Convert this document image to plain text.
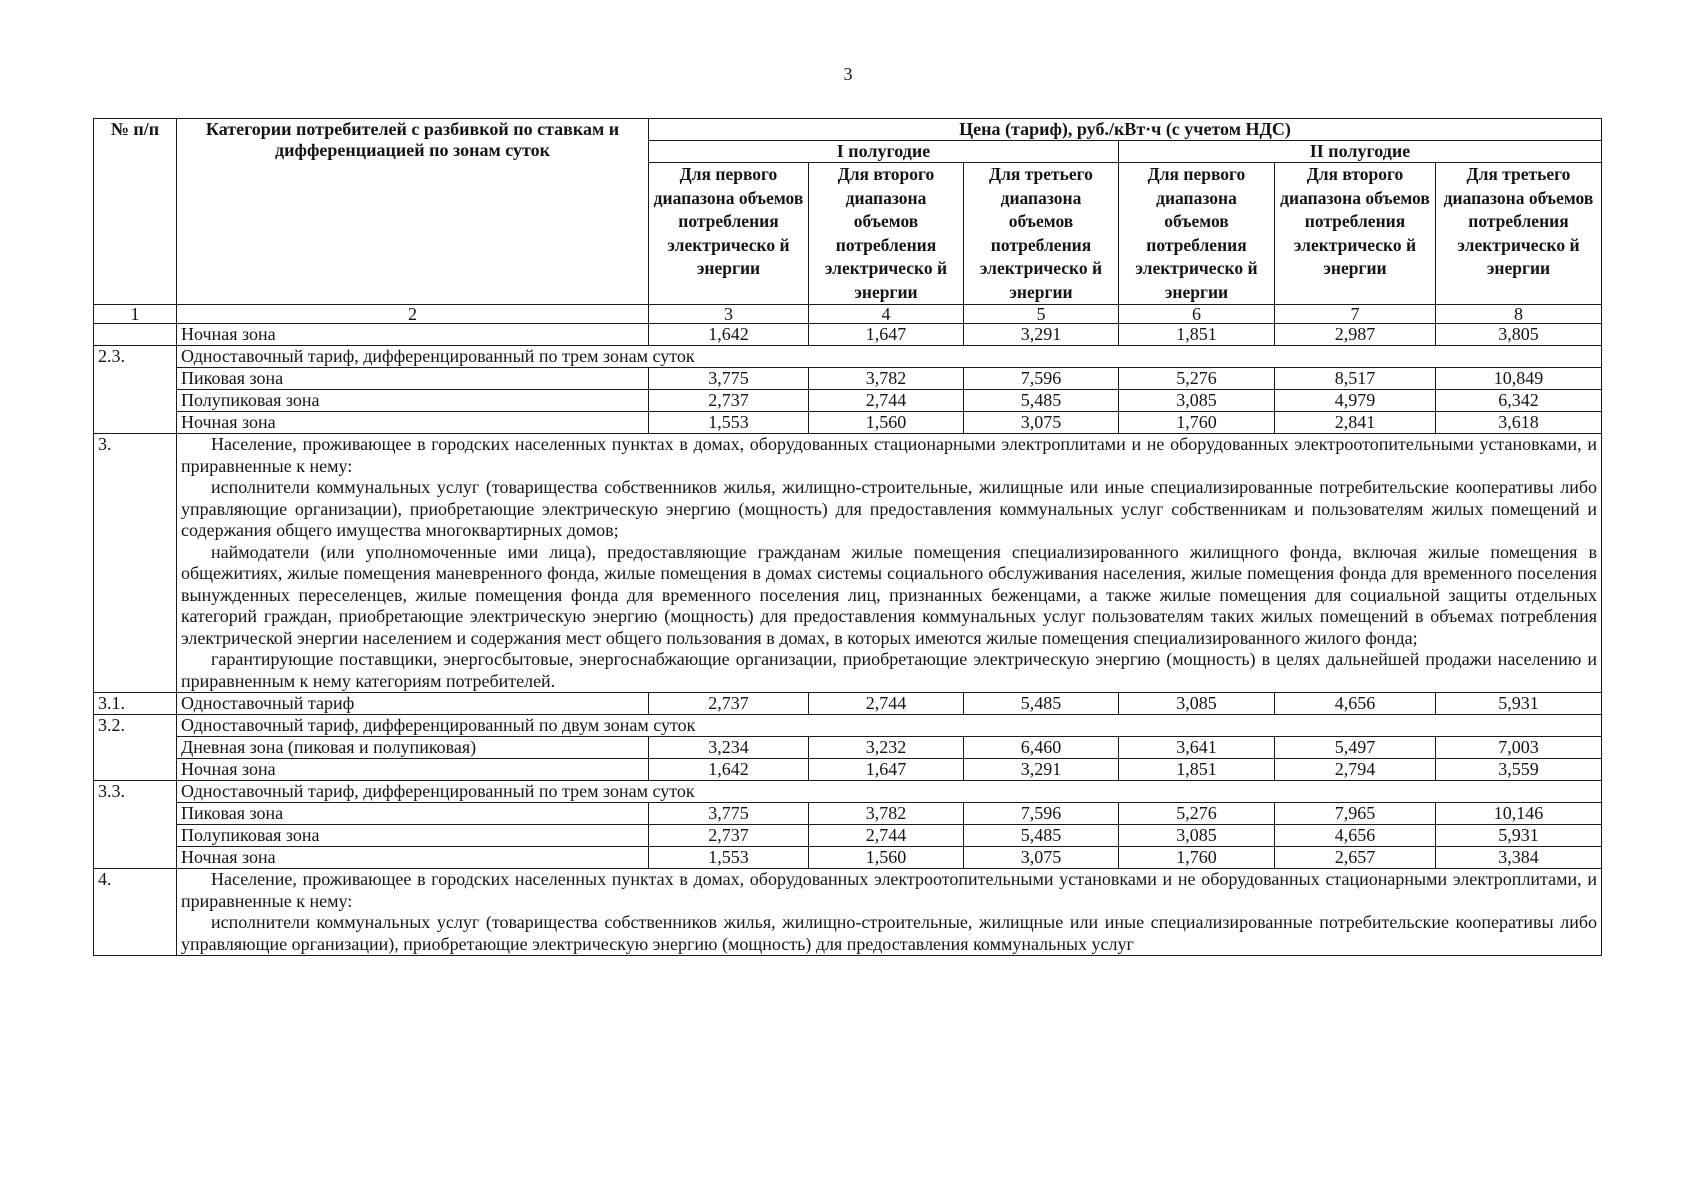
3
№ п/п	Категории потребителей с разбивкой по ставкам и дифференциацией по зонам суток	Цена (тариф), руб./кВт·ч (с учетом НДС)					
		I полугодие			II полугодие		
		Для первого диапазона объемов потребления электрическо й энергии	Для второго диапазона объемов потребления электрическо й энергии	Для третьего диапазона объемов потребления электрическо й энергии	Для первого диапазона объемов потребления электрическо й энергии	Для второго диапазона объемов потребления электрическо й энергии	Для третьего диапазона объемов потребления электрическо й энергии
1	2	3	4	5	6	7	8
	Ночная зона	1,642	1,647	3,291	1,851	2,987	3,805
2.3.	Одноставочный тариф, дифференцированный по трем зонам суток						
	Пиковая зона	3,775	3,782	7,596	5,276	8,517	10,849
	Полупиковая зона	2,737	2,744	5,485	3,085	4,979	6,342
	Ночная зона	1,553	1,560	3,075	1,760	2,841	3,618
3.	Население, проживающее в городских населенных пунктах в домах, оборудованных стационарными электроплитами и не оборудованных электроотопительными установками, и приравненные к нему:

исполнители коммунальных услуг (товарищества собственников жилья, жилищно-строительные, жилищные или иные специализированные потребительские кооперативы либо управляющие организации), приобретающие электрическую энергию (мощность) для предоставления коммунальных услуг собственникам и пользователям жилых помещений и содержания общего имущества многоквартирных домов;

наймодатели (или уполномоченные ими лица), предоставляющие гражданам жилые помещения специализированного жилищного фонда, включая жилые помещения в общежитиях, жилые помещения маневренного фонда, жилые помещения в домах системы социального обслуживания населения, жилые помещения фонда для временного поселения вынужденных переселенцев, жилые помещения фонда для временного поселения лиц, признанных беженцами, а также жилые помещения для социальной защиты отдельных категорий граждан, приобретающие электрическую энергию (мощность) для предоставления коммунальных услуг пользователям таких жилых помещений в объемах потребления электрической энергии населением и содержания мест общего пользования в домах, в которых имеются жилые помещения специализированного жилого фонда;

гарантирующие поставщики, энергосбытовые, энергоснабжающие организации, приобретающие электрическую энергию (мощность) в целях дальнейшей продажи населению и приравненным к нему категориям потребителей.						

3.1.	Одноставочный тариф	2,737	2,744	5,485	3,085	4,656	5,931
3.2.	Одноставочный тариф, дифференцированный по двум зонам суток						
	Дневная зона (пиковая и полупиковая)	3,234	3,232	6,460	3,641	5,497	7,003
	Ночная зона	1,642	1,647	3,291	1,851	2,794	3,559
3.3.	Одноставочный тариф, дифференцированный по трем зонам суток						
	Пиковая зона	3,775	3,782	7,596	5,276	7,965	10,146
	Полупиковая зона	2,737	2,744	5,485	3,085	4,656	5,931
	Ночная зона	1,553	1,560	3,075	1,760	2,657	3,384
4.	Население, проживающее в городских населенных пунктах в домах, оборудованных электроотопительными установками и не оборудованных стационарными электроплитами, и приравненные к нему:

исполнители коммунальных услуг (товарищества собственников жилья, жилищно-строительные, жилищные или иные специализированные потребительские кооперативы либо управляющие организации), приобретающие электрическую энергию (мощность) для предоставления коммунальных услуг						
